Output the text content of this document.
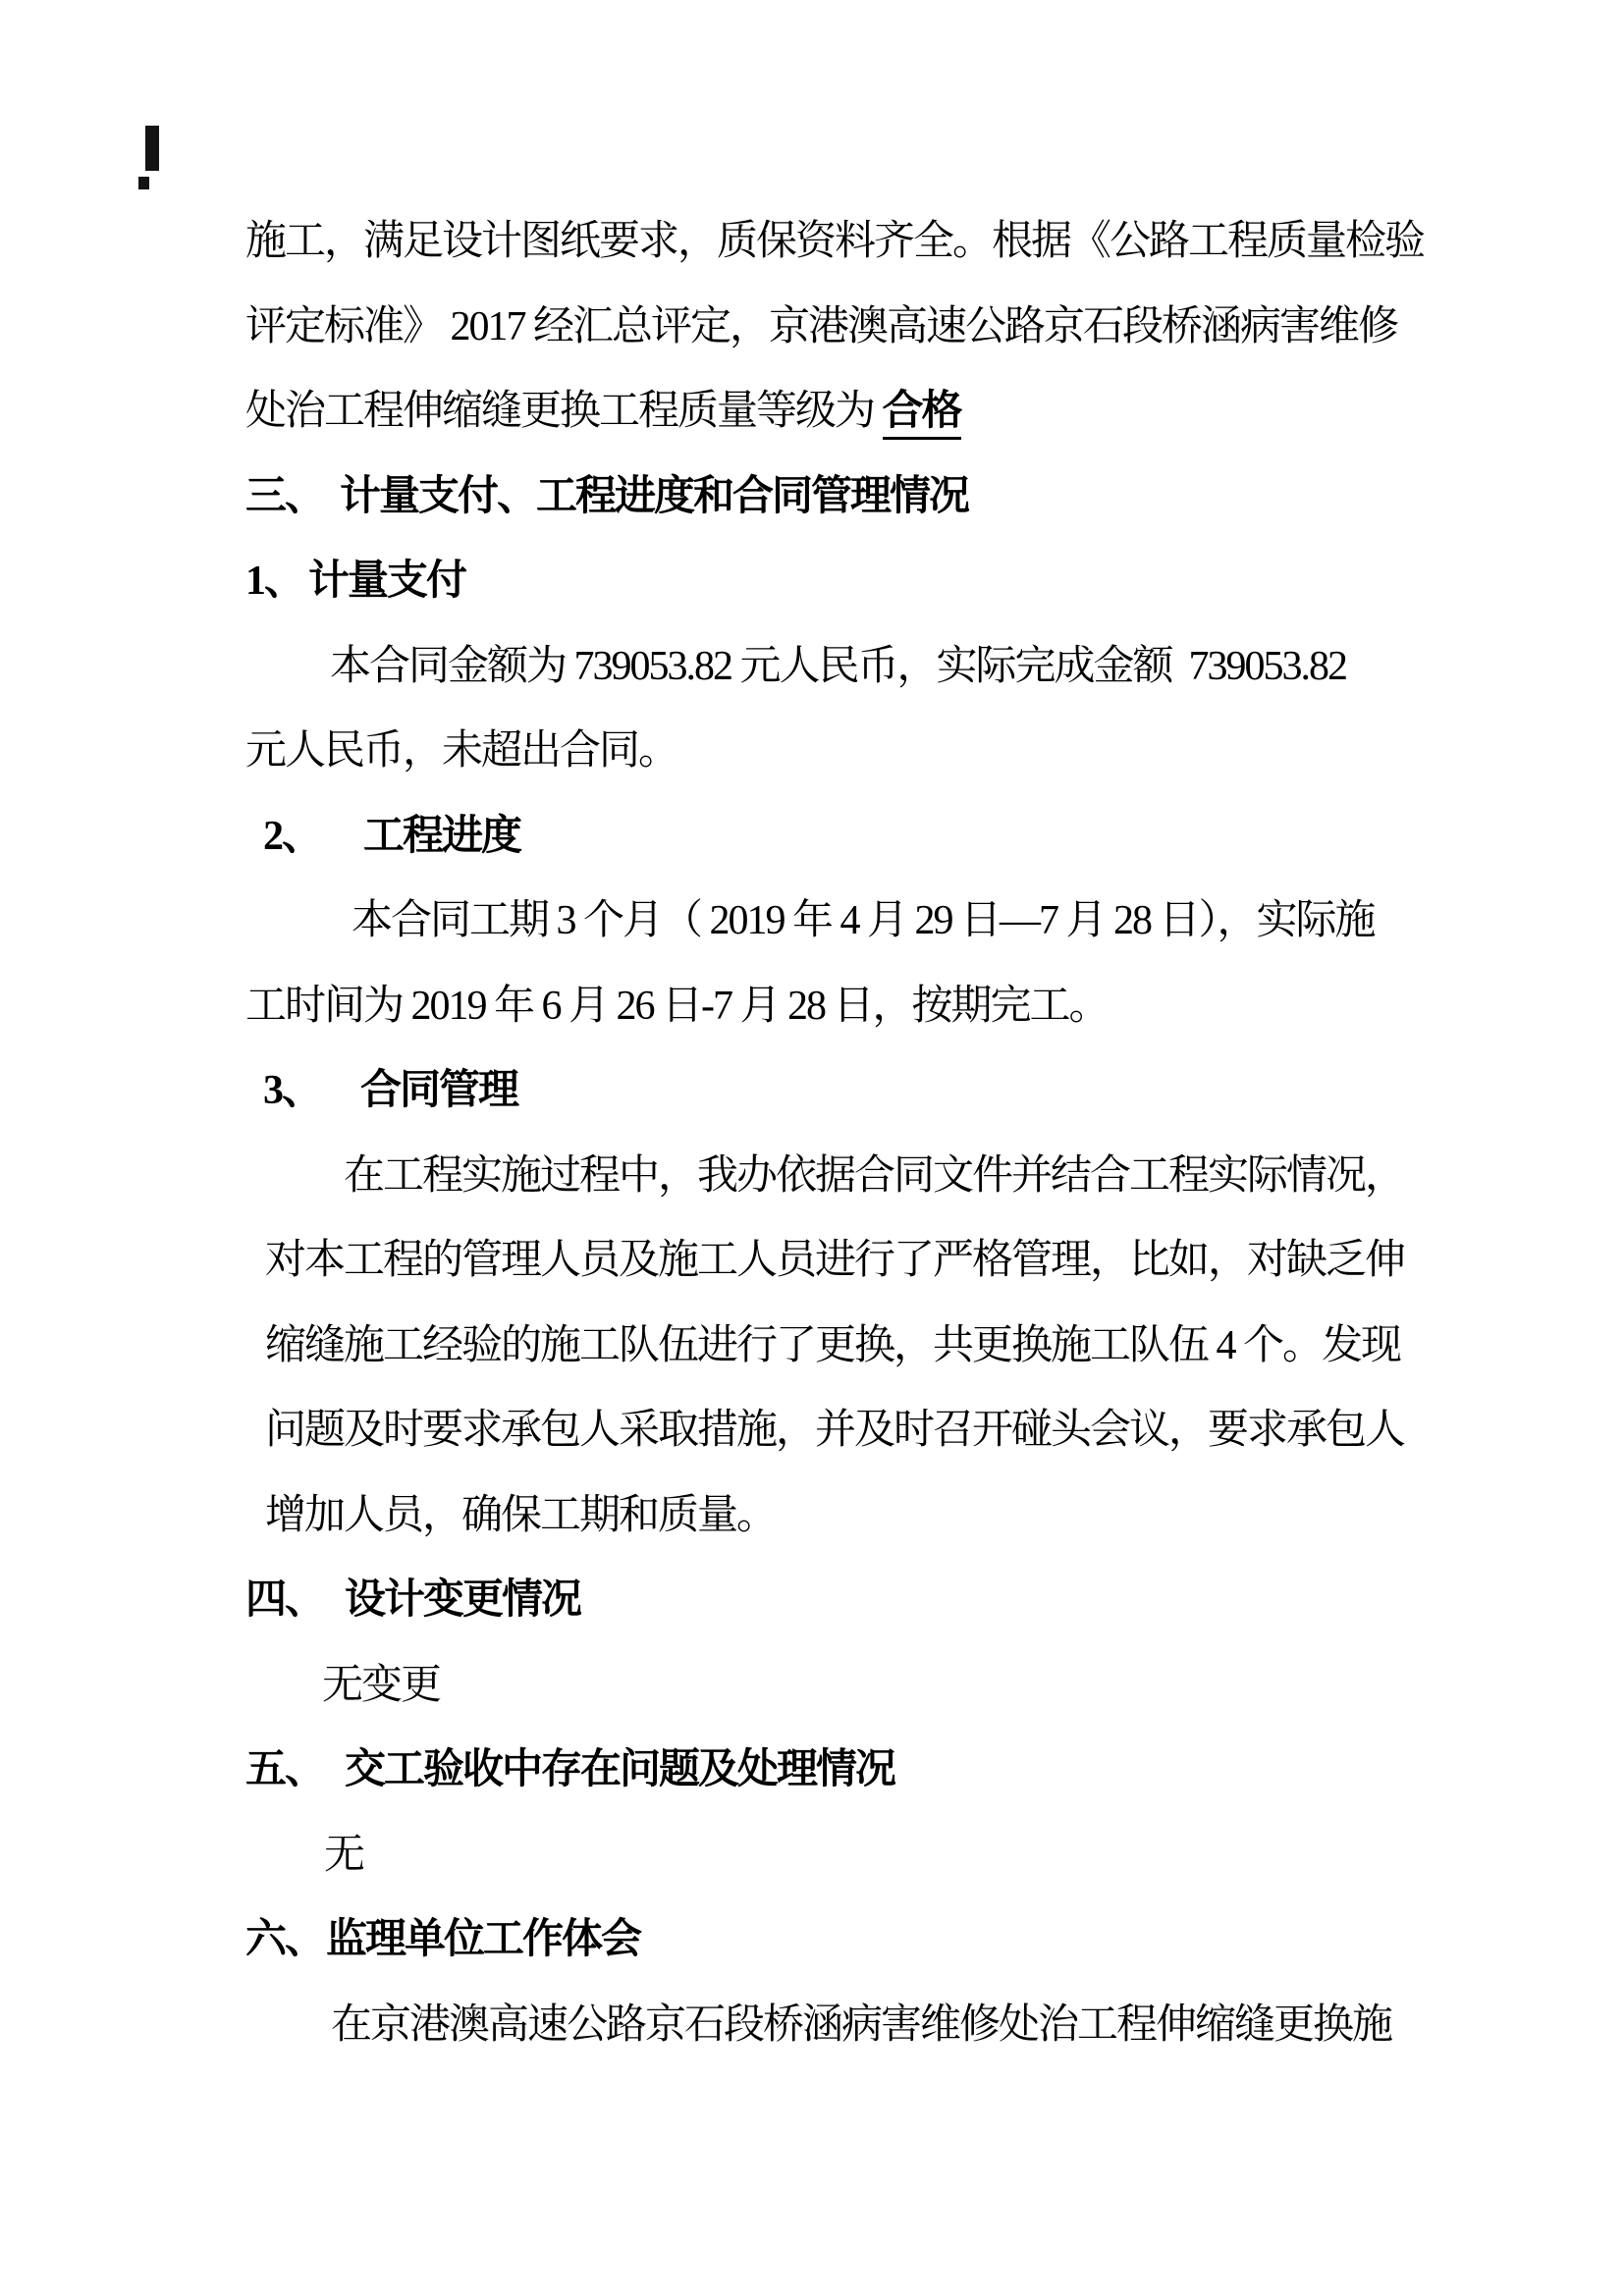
施工，满足设计图纸要求，质保资料齐全。根据《公路工程质量检验
评定标准》 2017 经汇总评定，京港澳高速公路京石段桥涵病害维修
处治工程伸缩缝更换工程质量等级为 合格
三、 计量支付、工程进度和合同管理情况
1、 计量支付
本合同金额为 739053.82 元人民币，实际完成金额  739053.82
元人民币，未超出合同。
2、 工程进度
本合同工期 3 个月（ 2019 年 4 月 29 日—7 月 28 日），实际施
工时间为 2019 年 6 月 26 日-7 月 28 日，按期完工。
3、 合同管理
在工程实施过程中，我办依据合同文件并结合工程实际情况，
对本工程的管理人员及施工人员进行了严格管理，比如，对缺乏伸
缩缝施工经验的施工队伍进行了更换，共更换施工队伍 4 个。发现
问题及时要求承包人采取措施，并及时召开碰头会议，要求承包人
增加人员，确保工期和质量。
四、 设计变更情况
无变更
五、 交工验收中存在问题及处理情况
无
六、监理单位工作体会
在京港澳高速公路京石段桥涵病害维修处治工程伸缩缝更换施
